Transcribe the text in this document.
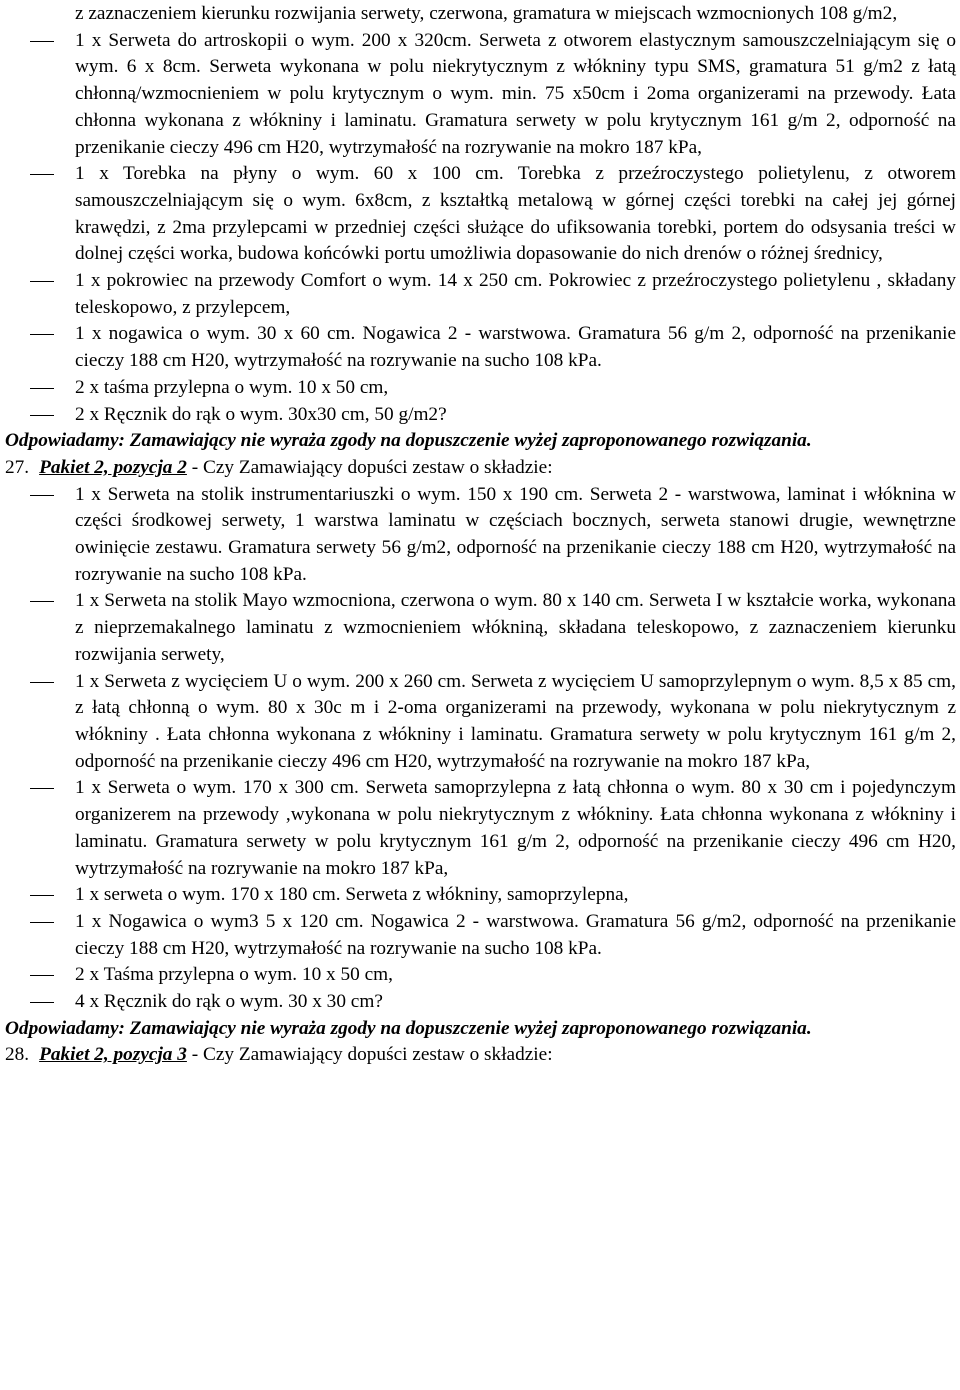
z zaznaczeniem kierunku rozwijania serwety, czerwona, gramatura w miejscach wzmocnionych 108 g/m2,
1 x Serweta do artroskopii o wym. 200 x 320cm. Serweta z otworem elastycznym samouszczelniającym się o wym. 6 x 8cm. Serweta wykonana w polu niekrytycznym z włókniny typu SMS, gramatura 51 g/m2 z łatą chłonną/wzmocnieniem w polu krytycznym o wym. min. 75 x50cm i 2oma organizerami na przewody. Łata chłonna wykonana z włókniny i laminatu. Gramatura serwety w polu krytycznym 161 g/m 2, odporność na przenikanie cieczy 496 cm H20, wytrzymałość na rozrywanie na mokro 187 kPa,
1 x Torebka na płyny o wym. 60 x 100 cm. Torebka z przeźroczystego polietylenu, z otworem samouszczelniającym się o wym. 6x8cm, z kształtką metalową w górnej części torebki na całej jej górnej krawędzi, z 2ma przylepcami w przedniej części służące do ufiksowania torebki, portem do odsysania treści w dolnej części worka, budowa końcówki portu umożliwia dopasowanie do nich drenów o różnej średnicy,
1 x pokrowiec na przewody Comfort o wym. 14 x 250 cm. Pokrowiec z przeźroczystego polietylenu , składany teleskopowo, z przylepcem,
1 x nogawica o wym. 30 x 60 cm. Nogawica 2 - warstwowa. Gramatura 56 g/m 2, odporność na przenikanie cieczy 188 cm H20, wytrzymałość na rozrywanie na sucho 108 kPa.
2 x taśma przylepna o wym. 10 x 50 cm,
2 x Ręcznik do rąk o wym. 30x30 cm, 50 g/m2?
Odpowiadamy: Zamawiający nie wyraża zgody na dopuszczenie wyżej zaproponowanego rozwiązania.
27. Pakiet 2, pozycja 2 - Czy Zamawiający dopuści zestaw o składzie:
1 x Serweta na stolik instrumentariuszki o wym. 150 x 190 cm. Serweta 2 - warstwowa, laminat i włóknina w części środkowej serwety, 1 warstwa laminatu w częściach bocznych, serweta stanowi drugie, wewnętrzne owinięcie zestawu. Gramatura serwety 56 g/m2, odporność na przenikanie cieczy 188 cm H20, wytrzymałość na rozrywanie na sucho 108 kPa.
1 x Serweta na stolik Mayo wzmocniona, czerwona o wym. 80 x 140 cm. Serweta I w kształcie worka, wykonana z nieprzemakalnego laminatu z wzmocnieniem włókniną, składana teleskopowo, z zaznaczeniem kierunku rozwijania serwety,
1 x Serweta z wycięciem U o wym. 200 x 260 cm. Serweta z wycięciem U samoprzylepnym o wym. 8,5 x 85 cm, z łatą chłonną o wym. 80 x 30c m i 2-oma organizerami na przewody, wykonana w polu niekrytycznym z włókniny . Łata chłonna wykonana z włókniny i laminatu. Gramatura serwety w polu krytycznym 161 g/m 2, odporność na przenikanie cieczy 496 cm H20, wytrzymałość na rozrywanie na mokro 187 kPa,
1 x Serweta o wym. 170 x 300 cm. Serweta samoprzylepna z łatą chłonna o wym. 80 x 30 cm i pojedynczym organizerem na przewody ,wykonana w polu niekrytycznym z włókniny. Łata chłonna wykonana z włókniny i laminatu. Gramatura serwety w polu krytycznym 161 g/m 2, odporność na przenikanie cieczy 496 cm H20, wytrzymałość na rozrywanie na mokro 187 kPa,
1 x serweta o wym. 170 x 180 cm. Serweta z włókniny, samoprzylepna,
1 x Nogawica o wym3 5 x 120 cm. Nogawica 2 - warstwowa. Gramatura 56 g/m2, odporność na przenikanie cieczy 188 cm H20, wytrzymałość na rozrywanie na sucho 108 kPa.
2 x Taśma przylepna o wym. 10 x 50 cm,
4 x Ręcznik do rąk o wym. 30 x 30 cm?
Odpowiadamy: Zamawiający nie wyraża zgody na dopuszczenie wyżej zaproponowanego rozwiązania.
28. Pakiet 2, pozycja 3 - Czy Zamawiający dopuści zestaw o składzie:
